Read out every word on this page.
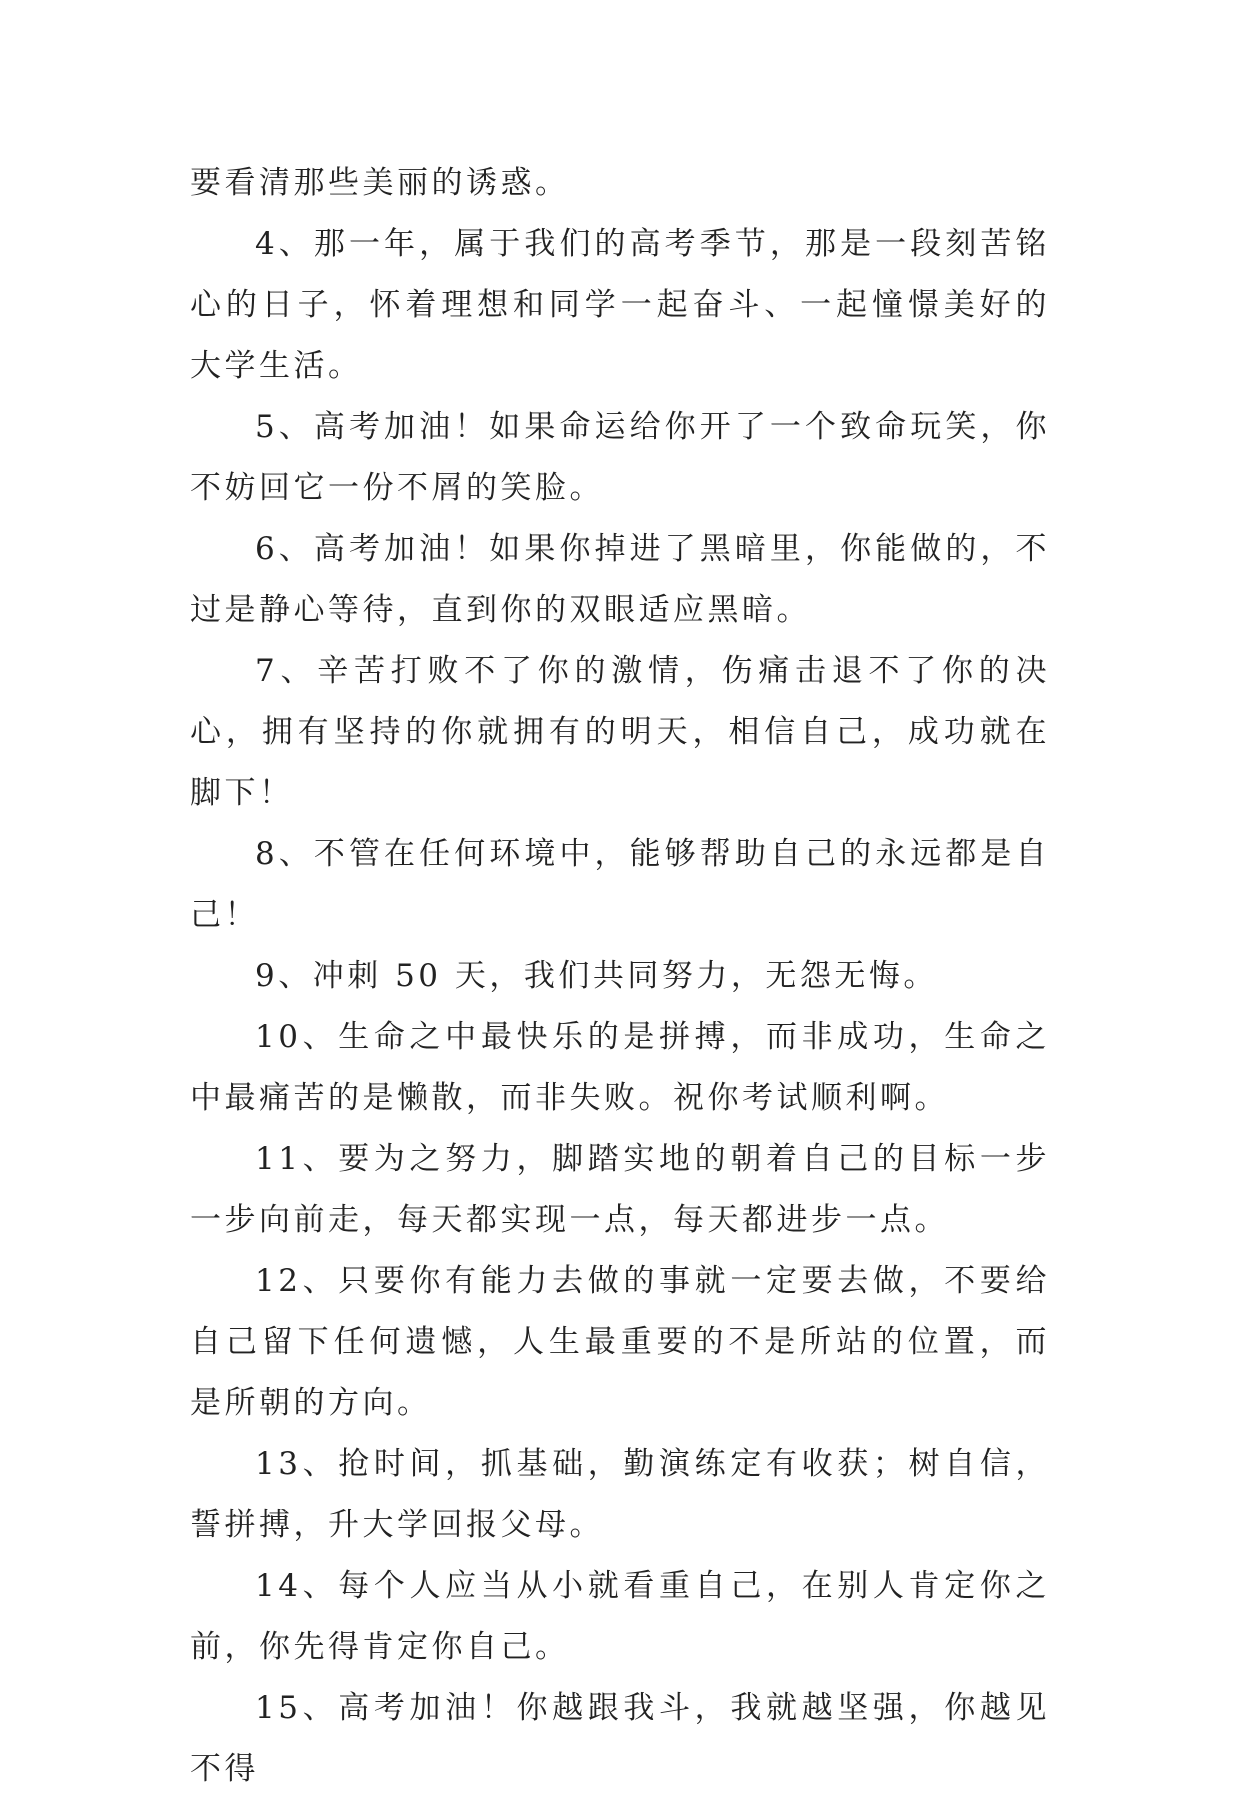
要看清那些美丽的诱惑。

4、那一年，属于我们的高考季节，那是一段刻苦铭心的日子，怀着理想和同学一起奋斗、一起憧憬美好的大学生活。

5、高考加油！如果命运给你开了一个致命玩笑，你不妨回它一份不屑的笑脸。

6、高考加油！如果你掉进了黑暗里，你能做的，不过是静心等待，直到你的双眼适应黑暗。

7、辛苦打败不了你的激情，伤痛击退不了你的决心，拥有坚持的你就拥有的明天，相信自己，成功就在脚下！

8、不管在任何环境中，能够帮助自己的永远都是自己！

9、冲刺 50 天，我们共同努力，无怨无悔。

10、生命之中最快乐的是拼搏，而非成功，生命之中最痛苦的是懒散，而非失败。祝你考试顺利啊。

11、要为之努力，脚踏实地的朝着自己的目标一步一步向前走，每天都实现一点，每天都进步一点。

12、只要你有能力去做的事就一定要去做，不要给自己留下任何遗憾，人生最重要的不是所站的位置，而是所朝的方向。

13、抢时间，抓基础，勤演练定有收获；树自信，誓拼搏，升大学回报父母。

14、每个人应当从小就看重自己，在别人肯定你之前，你先得肯定你自己。

15、高考加油！你越跟我斗，我就越坚强，你越见不得
